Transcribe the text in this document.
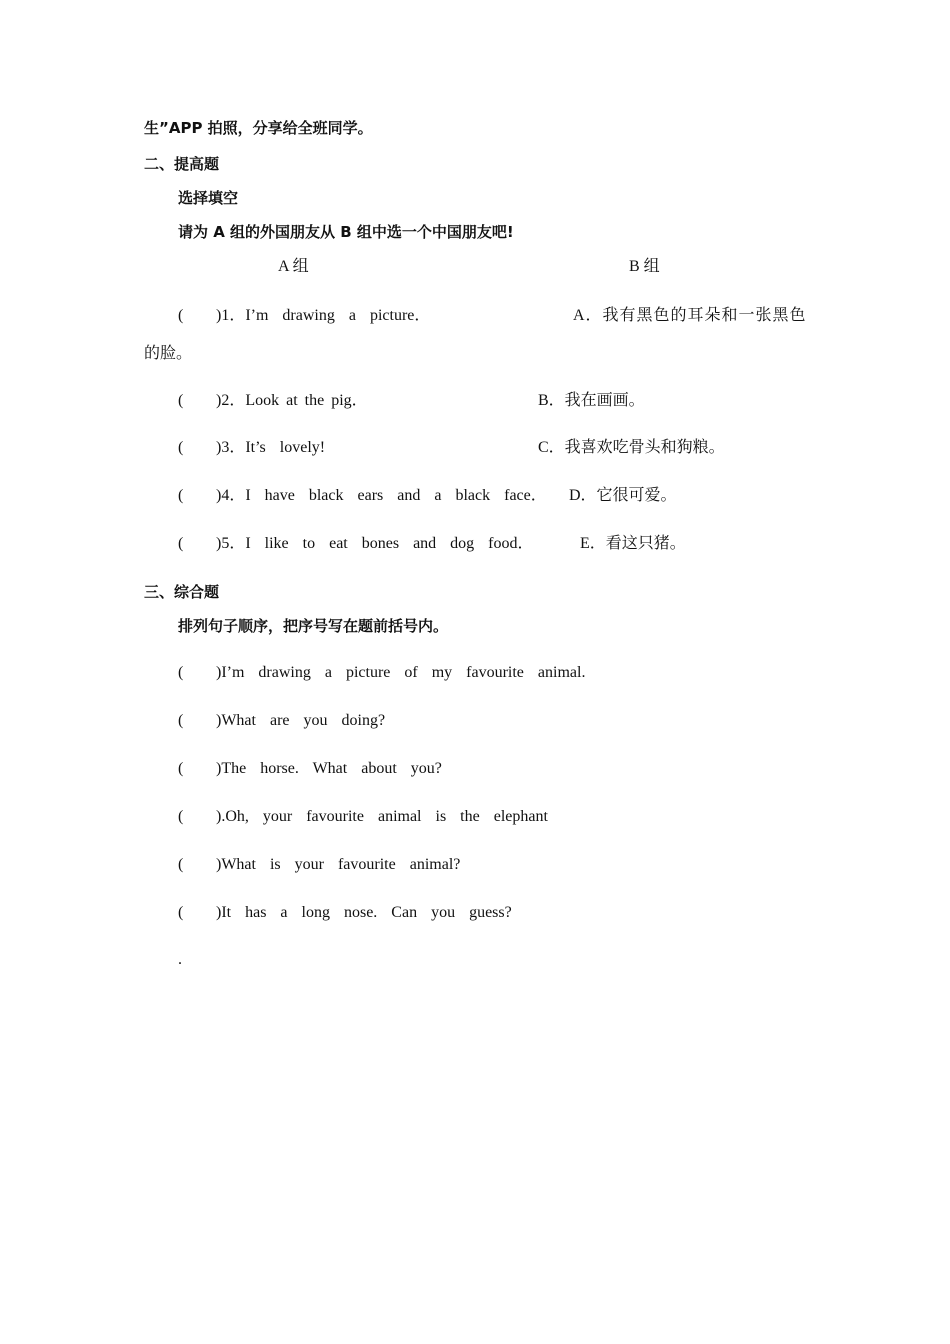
生”APP 拍照，分享给全班同学。
二、提高题
选择填空
请为 A 组的外国朋友从 B 组中选一个中国朋友吧!
A 组	B 组
( )1．I’m  drawing  a  picture．	A．我有黑色的耳朵和一张黑色
的脸。
( )2．Look at the pig．	B．我在画画。
( )3．It’s  lovely!	C．我喜欢吃骨头和狗粮。
( )4．I  have  black  ears  and  a  black  face． D．它很可爱。
( )5．I  like  to  eat  bones  and  dog  food．	E．看这只猪。
三、综合题
排列句子顺序，把序号写在题前括号内。
( )I’m  drawing  a  picture  of  my  favourite  animal.
( )What  are  you  doing?
( )The  horse.  What  about  you?
( ).Oh,  your  favourite  animal  is  the  elephant
( )What  is  your  favourite  animal?
( )It  has  a  long  nose.  Can  you  guess?
.
